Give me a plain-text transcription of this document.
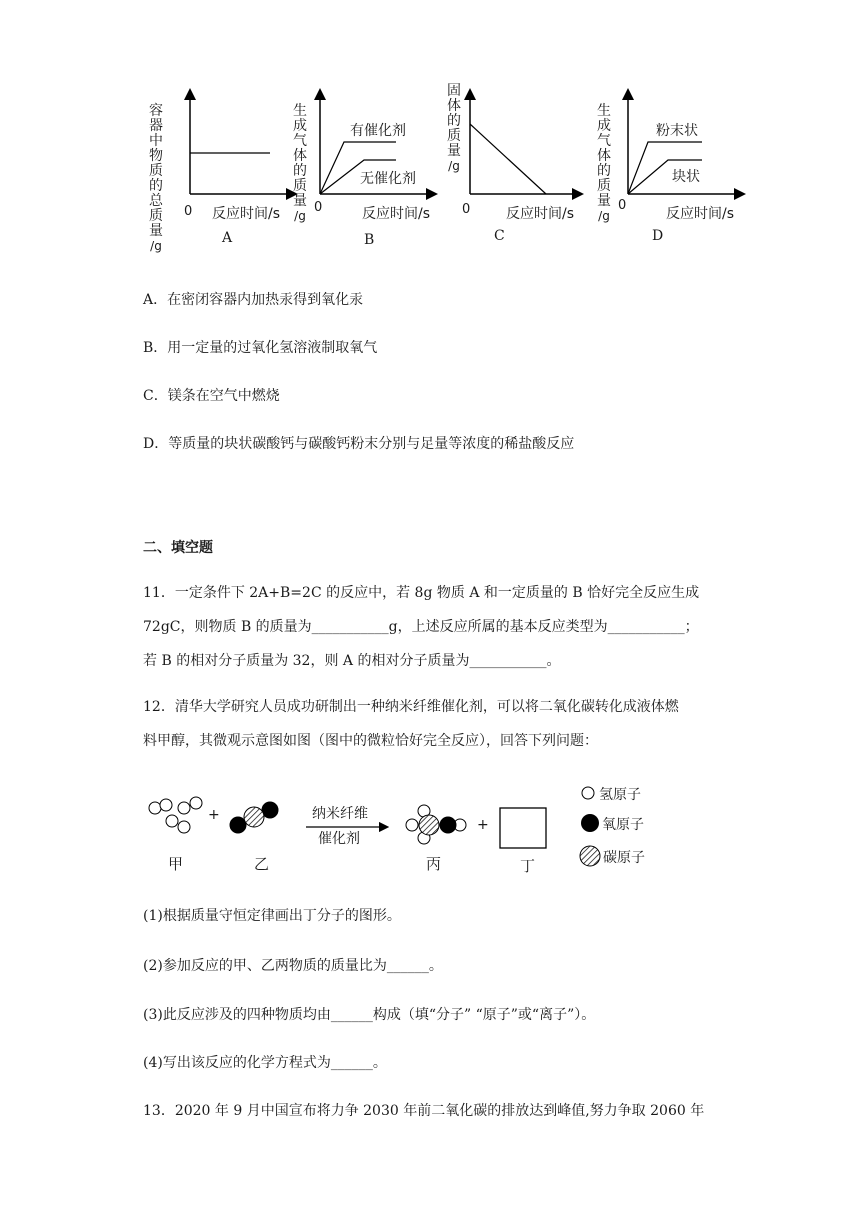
容
器
中
物
质
的
总
质
量
/g
0 反应时间/s
A
生
成
气
体
的
质
量
/g
有催化剂
无催化剂
0	反应时间/s
B
固
体
的
质
量
/g
0	反应时间/s
C
生
成
气
体
的
质
量
/g
粉末状
块状
0
反应时间/s
D
A．在密闭容器内加热汞得到氧化汞
B．用一定量的过氧化氢溶液制取氧气
C．镁条在空气中燃烧
D．等质量的块状碳酸钙与碳酸钙粉末分别与足量等浓度的稀盐酸反应
二、填空题
11．一定条件下 2A+B=2C 的反应中，若 8g 物质 A 和一定质量的 B 恰好完全反应生成
72gC，则物质 B 的质量为___________g，上述反应所属的基本反应类型为___________；
若 B 的相对分子质量为 32，则 A 的相对分子质量为___________。
12．清华大学研究人员成功研制出一种纳米纤维催化剂，可以将二氧化碳转化成液体燃
料甲醇，其微观示意图如图（图中的微粒恰好完全反应），回答下列问题：
+
+
纳米纤维
催化剂
甲	乙	丙	丁
氢原子
氧原子
碳原子
(1)根据质量守恒定律画出丁分子的图形。
(2)参加反应的甲、乙两物质的质量比为______。
(3)此反应涉及的四种物质均由______构成（填“分子” “原子”或“离子”）。
(4)写出该反应的化学方程式为______。
13．2020 年 9 月中国宣布将力争 2030 年前二氧化碳的排放达到峰值,努力争取 2060 年
